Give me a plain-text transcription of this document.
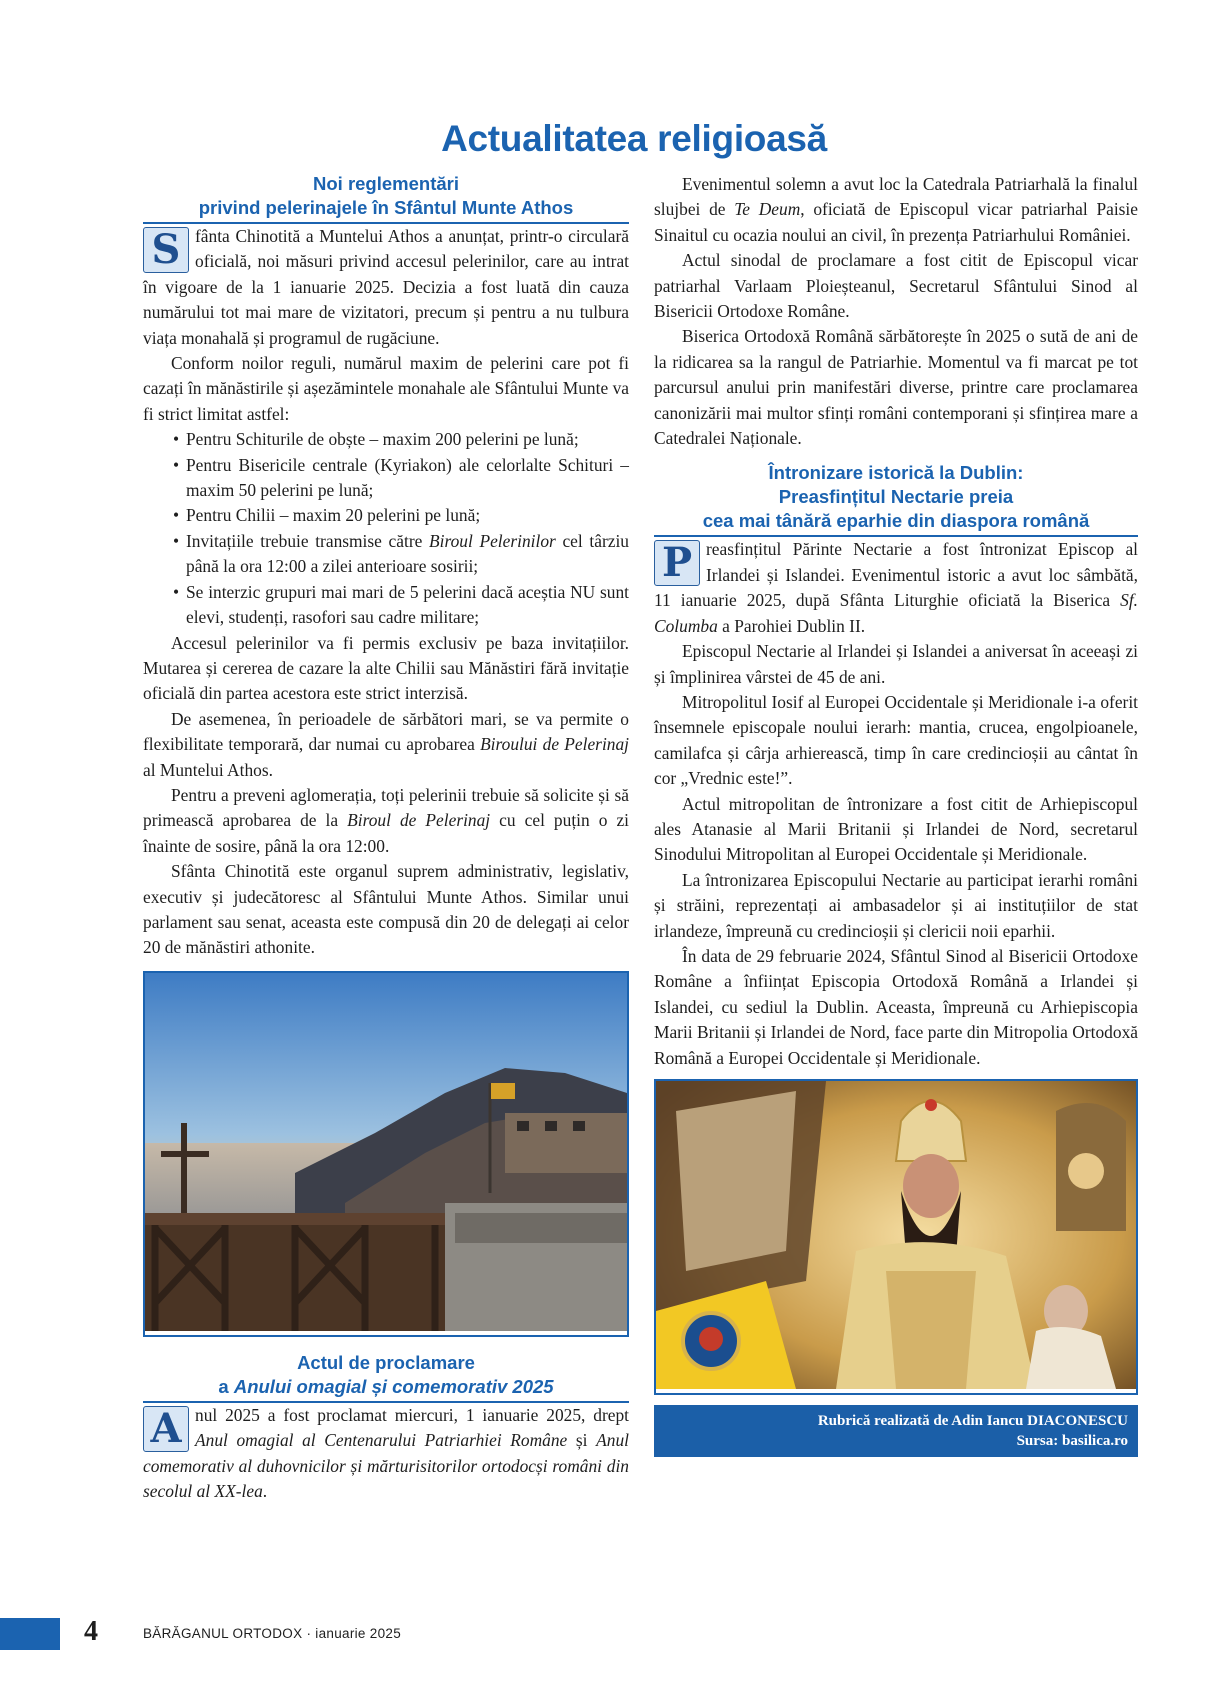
Actualitatea religioasă
Noi reglementări
privind pelerinajele în Sfântul Munte Athos

S fânta Chinotită a Muntelui Athos a anunțat, printr-o circulară oficială, noi măsuri privind accesul pelerinilor, care au intrat în vigoare de la 1 ianuarie 2025. Decizia a fost luată din cauza numărului tot mai mare de vizitatori, precum și pentru a nu tulbura viața monahală și programul de rugăciune.

Conform noilor reguli, numărul maxim de pelerini care pot fi cazați în mănăstirile și așezămintele monahale ale Sfântului Munte va fi strict limitat astfel:

• Pentru Schiturile de obște – maxim 200 pelerini pe lună;
• Pentru Bisericile centrale (Kyriakon) ale celorlalte Schituri – maxim 50 pelerini pe lună;
• Pentru Chilii – maxim 20 pelerini pe lună;
• Invitațiile trebuie transmise către Biroul Pelerinilor cel târziu până la ora 12:00 a zilei anterioare sosirii;
• Se interzic grupuri mai mari de 5 pelerini dacă aceștia NU sunt elevi, studenți, rasofori sau cadre militare;

Accesul pelerinilor va fi permis exclusiv pe baza invitațiilor. Mutarea și cererea de cazare la alte Chilii sau Mănăstiri fără invitație oficială din partea acestora este strict interzisă.

De asemenea, în perioadele de sărbători mari, se va permite o flexibilitate temporară, dar numai cu aprobarea Biroului de Pelerinaj al Muntelui Athos.

Pentru a preveni aglomerația, toți pelerinii trebuie să solicite și să primească aprobarea de la Biroul de Pelerinaj cu cel puțin o zi înainte de sosire, până la ora 12:00.

Sfânta Chinotită este organul suprem administrativ, legislativ, executiv și judecătoresc al Sfântului Munte Athos. Similar unui parlament sau senat, aceasta este compusă din 20 de delegați ai celor 20 de mănăstiri athonite.

Actul de proclamare
a Anului omagial și comemorativ 2025

A nul 2025 a fost proclamat miercuri, 1 ianuarie 2025, drept Anul omagial al Centenarului Patriarhiei Române și Anul comemorativ al duhovnicilor și mărturisitorilor ortodocși români din secolul al XX-lea.

Evenimentul solemn a avut loc la Catedrala Patriarhală la finalul slujbei de Te Deum, oficiată de Episcopul vicar patriarhal Paisie Sinaitul cu ocazia noului an civil, în prezența Patriarhului României.

Actul sinodal de proclamare a fost citit de Episcopul vicar patriarhal Varlaam Ploieșteanul, Secretarul Sfântului Sinod al Bisericii Ortodoxe Române.

Biserica Ortodoxă Română sărbătorește în 2025 o sută de ani de la ridicarea sa la rangul de Patriarhie. Momentul va fi marcat pe tot parcursul anului prin manifestări diverse, printre care proclamarea canonizării mai multor sfinți români contemporani și sfințirea mare a Catedralei Naționale.

Întronizare istorică la Dublin:
Preasfințitul Nectarie preia
cea mai tânără eparhie din diaspora română

P reasfințitul Părinte Nectarie a fost întronizat Episcop al Irlandei și Islandei. Evenimentul istoric a avut loc sâmbătă, 11 ianuarie 2025, după Sfânta Liturghie oficiată la Biserica Sf. Columba a Parohiei Dublin II.

Episcopul Nectarie al Irlandei și Islandei a aniversat în aceeași zi și împlinirea vârstei de 45 de ani.

Mitropolitul Iosif al Europei Occidentale și Meridionale i-a oferit însemnele episcopale noului ierarh: mantia, crucea, engolpioanele, camilafca și cârja arhierească, timp în care credincioșii au cântat în cor „Vrednic este!”.

Actul mitropolitan de întronizare a fost citit de Arhiepiscopul ales Atanasie al Marii Britanii și Irlandei de Nord, secretarul Sinodului Mitropolitan al Europei Occidentale și Meridionale.

La întronizarea Episcopului Nectarie au participat ierarhi români și străini, reprezentați ai ambasadelor și ai instituțiilor de stat irlandeze, împreună cu credincioșii și clericii noii eparhii.

În data de 29 februarie 2024, Sfântul Sinod al Bisericii Ortodoxe Române a înființat Episcopia Ortodoxă Română a Irlandei și Islandei, cu sediul la Dublin. Aceasta, împreună cu Arhiepiscopia Marii Britanii și Irlandei de Nord, face parte din Mitropolia Ortodoxă Română a Europei Occidentale și Meridionale.

Rubrică realizată de Adin Iancu DIACONESCU
Sursa: basilica.ro
4	BĂRĂGANUL ORTODOX · ianuarie 2025
